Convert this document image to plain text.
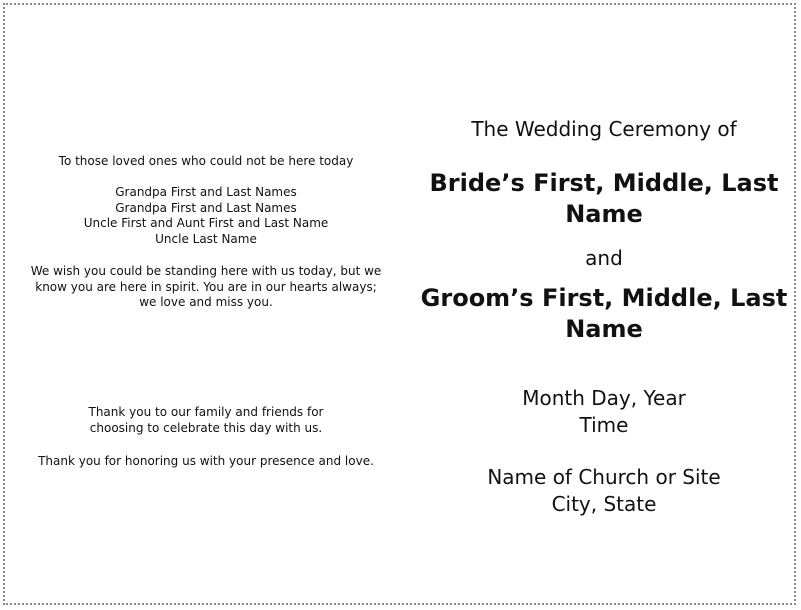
To those loved ones who could not be here today
Grandpa First and Last Names
Grandpa First and Last Names
Uncle First and Aunt First and Last Name
Uncle Last Name
We wish you could be standing here with us today, but we
know you are here in spirit. You are in our hearts always;
we love and miss you.
Thank you to our family and friends for
choosing to celebrate this day with us.
Thank you for honoring us with your presence and love.
The Wedding Ceremony of
Bride’s First, Middle, Last
Name
and
Groom’s First, Middle, Last
Name
Month Day, Year
Time
Name of Church or Site
City, State
